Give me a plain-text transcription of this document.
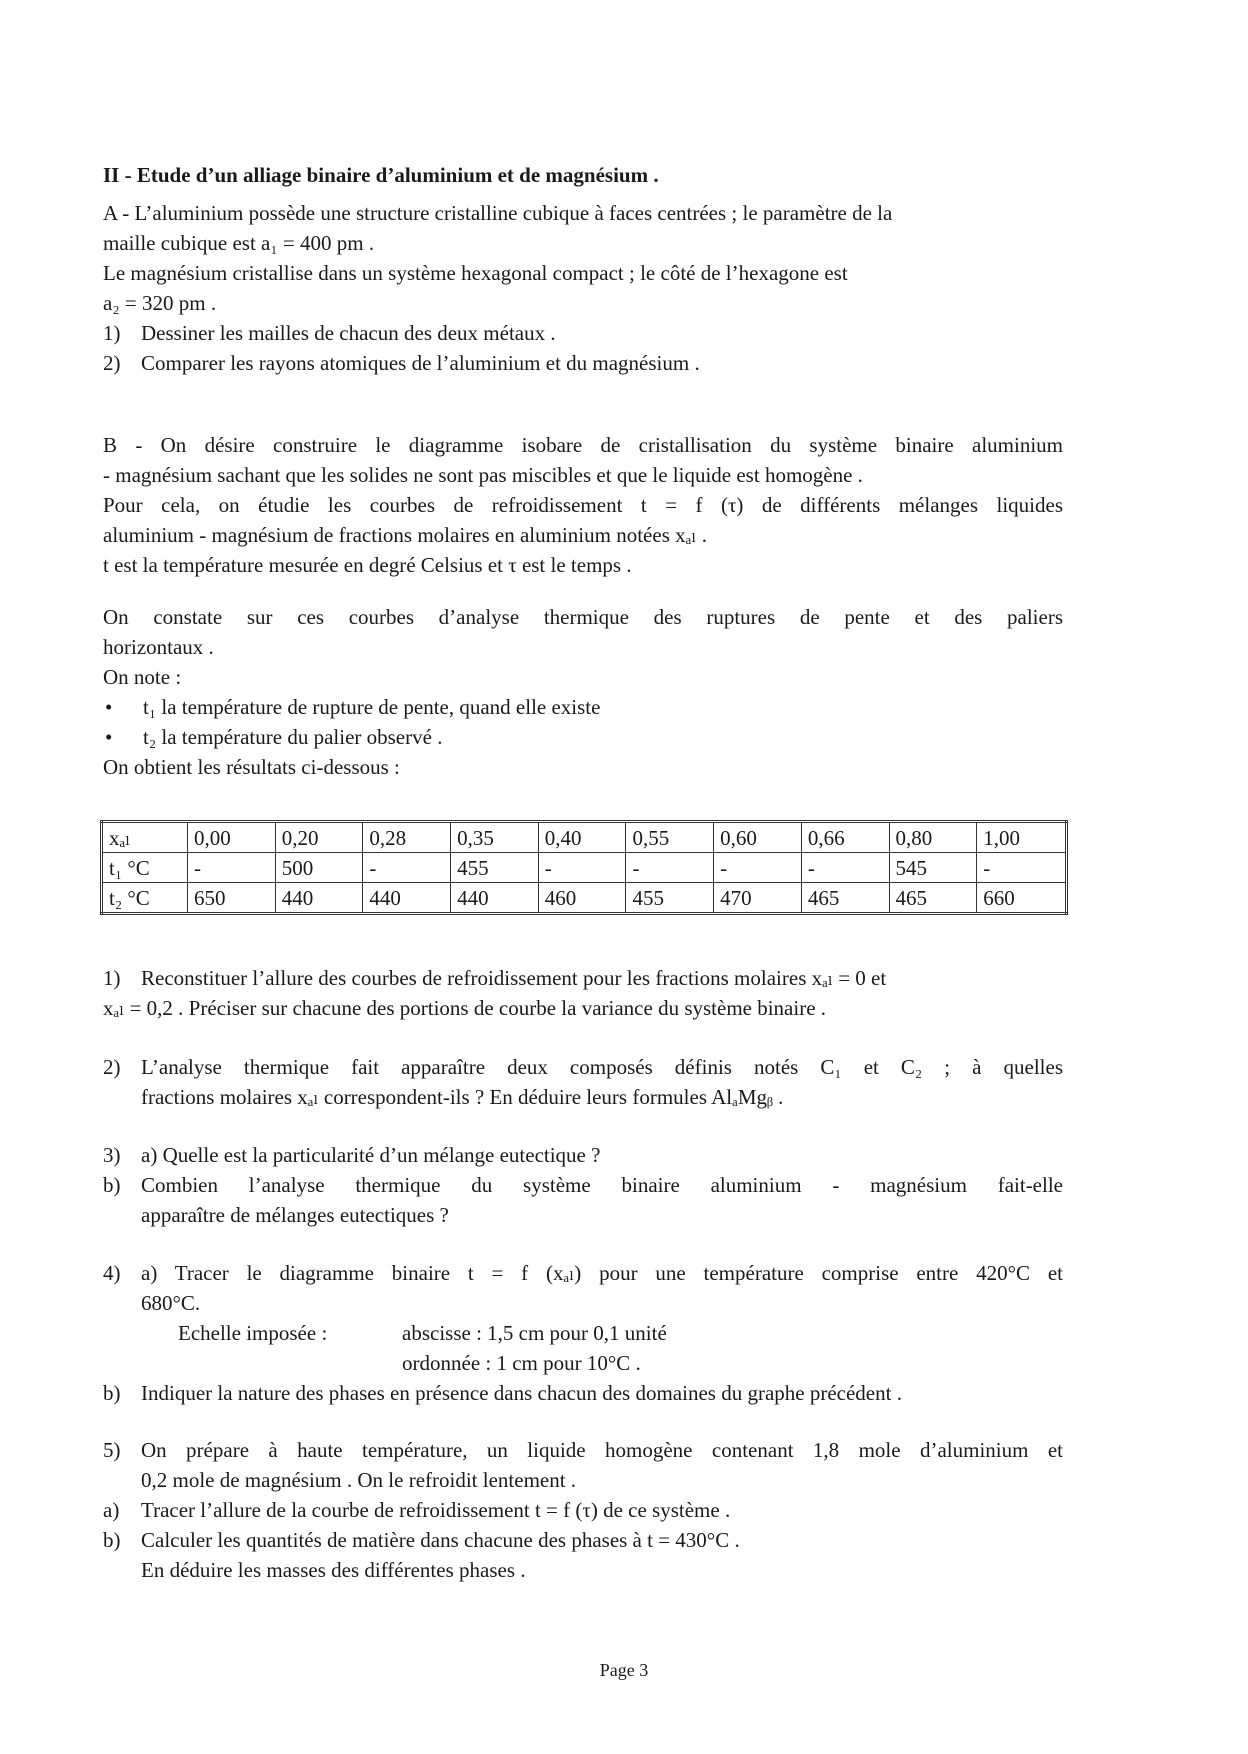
II - Etude d’un alliage binaire d’aluminium et de magnésium .
A - L’aluminium possède une structure cristalline cubique à faces centrées ; le paramètre de la
maille cubique est a₁ = 400 pm .
Le magnésium cristallise dans un système hexagonal compact ; le côté de l’hexagone est
a₂ = 320 pm .
1) Dessiner les mailles de chacun des deux métaux .
2) Comparer les rayons atomiques de l’aluminium et du magnésium .
B - On désire construire le diagramme isobare de cristallisation du système binaire aluminium
- magnésium sachant que les solides ne sont pas miscibles et que le liquide est homogène .
Pour cela, on étudie les courbes de refroidissement t = f (τ) de différents mélanges liquides
aluminium - magnésium de fractions molaires en aluminium notées xₐₗ .
t est la température mesurée en degré Celsius et τ est le temps .
On constate sur ces courbes d’analyse thermique des ruptures de pente et des paliers
horizontaux .
On note :
•	t₁ la température de rupture de pente, quand elle existe
•	t₂ la température du palier observé .
On obtient les résultats ci-dessous :
xₐₗ	0,00	0,20	0,28	0,35	0,40	0,55	0,60	0,66	0,80	1,00
t₁ °C	-	500	-	455	-	-	-	-	545	-
t₂ °C	650	440	440	440	460	455	470	465	465	660
1) Reconstituer l’allure des courbes de refroidissement pour les fractions molaires xₐₗ = 0 et
xₐₗ = 0,2 . Préciser sur chacune des portions de courbe la variance du système binaire .
2) L’analyse thermique fait apparaître deux composés définis notés C₁ et C₂ ; à quelles
fractions molaires xₐₗ correspondent-ils ? En déduire leurs formules AlₐMgᵦ .
3) a) Quelle est la particularité d’un mélange eutectique ?
b) Combien l’analyse thermique du système binaire aluminium - magnésium fait-elle
apparaître de mélanges eutectiques ?
4) a) Tracer le diagramme binaire t = f (xₐₗ) pour une température comprise entre 420°C et
680°C.
Echelle imposée :	abscisse : 1,5 cm pour 0,1 unité
ordonnée : 1 cm pour 10°C .
b) Indiquer la nature des phases en présence dans chacun des domaines du graphe précédent .
5) On prépare à haute température, un liquide homogène contenant 1,8 mole d’aluminium et
0,2 mole de magnésium . On le refroidit lentement .
a)	Tracer l’allure de la courbe de refroidissement t = f (τ) de ce système .
b) Calculer les quantités de matière dans chacune des phases à t = 430°C .
En déduire les masses des différentes phases .
Page 3
